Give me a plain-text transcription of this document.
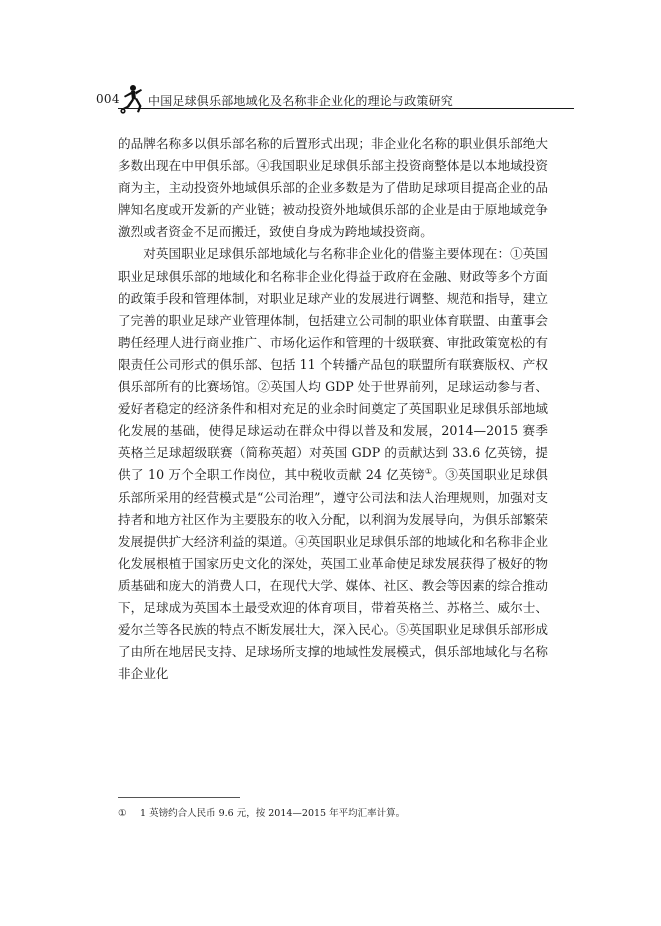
004 中国足球俱乐部地域化及名称非企业化的理论与政策研究

的品牌名称多以俱乐部名称的后置形式出现；非企业化名称的职业俱乐部绝大多数出现在中甲俱乐部。④我国职业足球俱乐部主投资商整体是以本地域投资商为主，主动投资外地域俱乐部的企业多数是为了借助足球项目提高企业的品牌知名度或开发新的产业链；被动投资外地域俱乐部的企业是由于原地域竞争激烈或者资金不足而搬迁，致使自身成为跨地域投资商。

对英国职业足球俱乐部地域化与名称非企业化的借鉴主要体现在：①英国职业足球俱乐部的地域化和名称非企业化得益于政府在金融、财政等多个方面的政策手段和管理体制，对职业足球产业的发展进行调整、规范和指导，建立了完善的职业足球产业管理体制，包括建立公司制的职业体育联盟、由董事会聘任经理人进行商业推广、市场化运作和管理的十级联赛、审批政策宽松的有限责任公司形式的俱乐部、包括 11 个转播产品包的联盟所有联赛版权、产权俱乐部所有的比赛场馆。②英国人均 GDP 处于世界前列，足球运动参与者、爱好者稳定的经济条件和相对充足的业余时间奠定了英国职业足球俱乐部地域化发展的基础，使得足球运动在群众中得以普及和发展，2014—2015 赛季英格兰足球超级联赛（简称英超）对英国 GDP 的贡献达到 33.6 亿英镑，提供了 10 万个全职工作岗位，其中税收贡献 24 亿英镑①。③英国职业足球俱乐部所采用的经营模式是“公司治理”，遵守公司法和法人治理规则，加强对支持者和地方社区作为主要股东的收入分配，以利润为发展导向，为俱乐部繁荣发展提供扩大经济利益的渠道。④英国职业足球俱乐部的地域化和名称非企业化发展根植于国家历史文化的深处，英国工业革命使足球发展获得了极好的物质基础和庞大的消费人口，在现代大学、媒体、社区、教会等因素的综合推动下，足球成为英国本土最受欢迎的体育项目，带着英格兰、苏格兰、威尔士、爱尔兰等各民族的特点不断发展壮大，深入民心。⑤英国职业足球俱乐部形成了由所在地居民支持、足球场所支撑的地域性发展模式，俱乐部地域化与名称非企业化

① 1 英镑约合人民币 9.6 元，按 2014—2015 年平均汇率计算。
